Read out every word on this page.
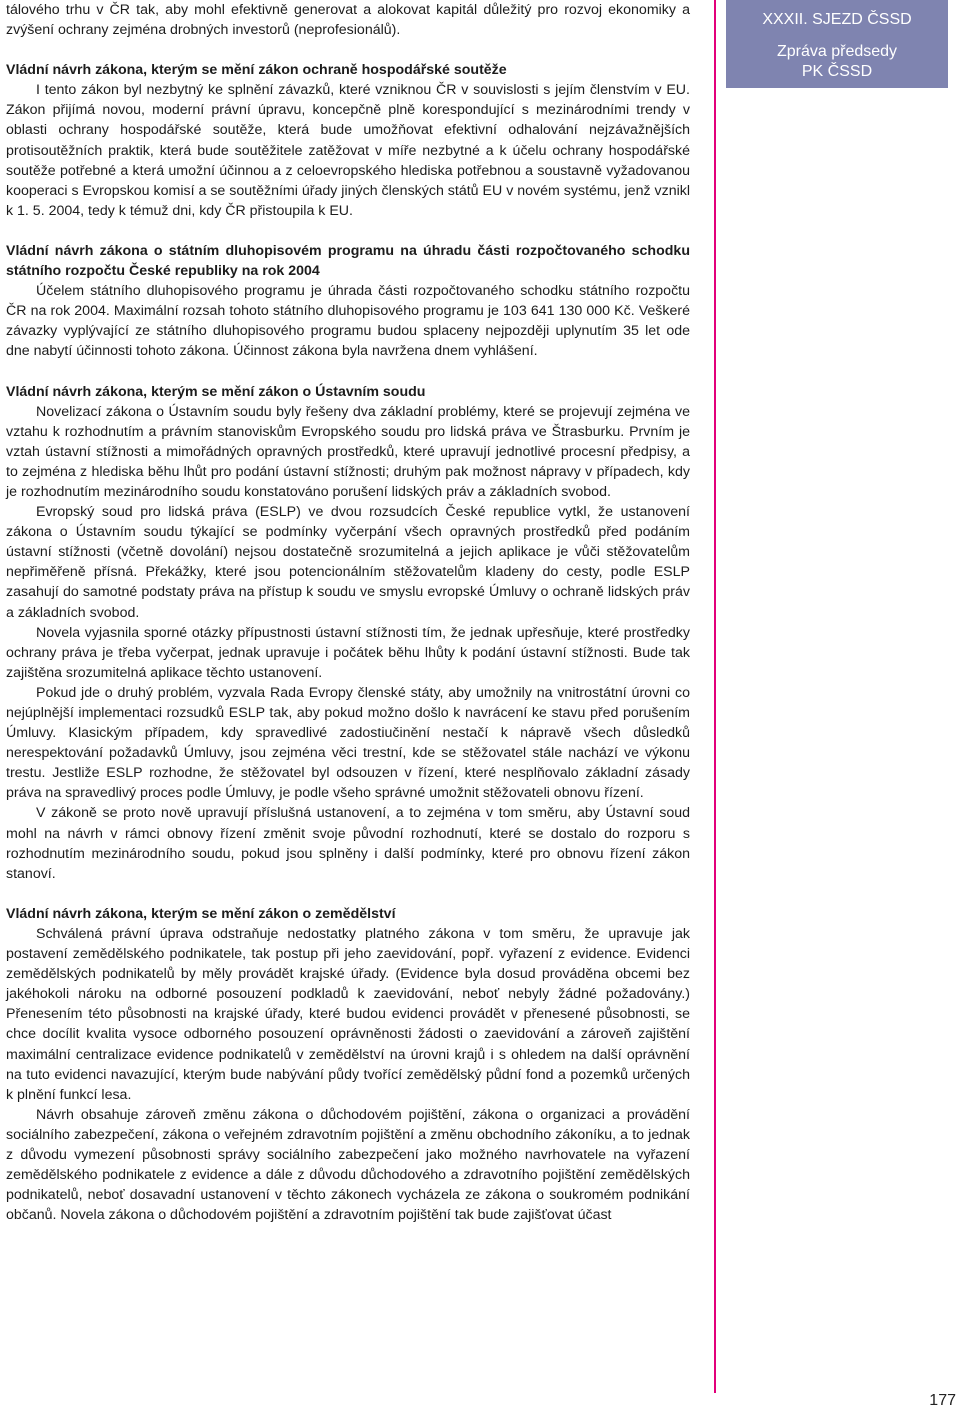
tálového trhu v ČR tak, aby mohl efektivně generovat a alokovat kapitál důležitý pro rozvoj ekonomiky a zvýšení ochrany zejména drobných investorů (neprofesionálů).

Vládní návrh zákona, kterým se mění zákon ochraně hospodářské soutěže

I tento zákon byl nezbytný ke splnění závazků, které vzniknou ČR v souvislosti s jejím členstvím v EU. Zákon přijímá novou, moderní právní úpravu, koncepčně plně korespondující s mezinárodními trendy v oblasti ochrany hospodářské soutěže, která bude umožňovat efektivní odhalování nejzávažnějších protisoutěžních praktik, která bude soutěžitele zatěžovat v míře nezbytné a k účelu ochrany hospodářské soutěže potřebné a která umožní účinnou a z celoevropského hlediska potřebnou a soustavně vyžadovanou kooperaci s Evropskou komisí a se soutěžními úřady jiných členských států EU v novém systému, jenž vznikl k 1. 5. 2004, tedy k témuž dni, kdy ČR přistoupila k EU.

Vládní návrh zákona o státním dluhopisovém programu na úhradu části rozpočtovaného schodku státního rozpočtu České republiky na rok 2004

Účelem státního dluhopisového programu je úhrada části rozpočtovaného schodku státního rozpočtu ČR na rok 2004. Maximální rozsah tohoto státního dluhopisového programu je 103 641 130 000 Kč. Veškeré závazky vyplývající ze státního dluhopisového programu budou splaceny nejpozději uplynutím 35 let ode dne nabytí účinnosti tohoto zákona. Účinnost zákona byla navržena dnem vyhlášení.

Vládní návrh zákona, kterým se mění zákon o Ústavním soudu

Novelizací zákona o Ústavním soudu byly řešeny dva základní problémy, které se projevují zejména ve vztahu k rozhodnutím a právním stanoviskům Evropského soudu pro lidská práva ve Štrasburku. Prvním je vztah ústavní stížnosti a mimořádných opravných prostředků, které upravují jednotlivé procesní předpisy, a to zejména z hlediska běhu lhůt pro podání ústavní stížnosti; druhým pak možnost nápravy v případech, kdy je rozhodnutím mezinárodního soudu konstatováno porušení lidských práv a základních svobod.

Evropský soud pro lidská práva (ESLP) ve dvou rozsudcích České republice vytkl, že ustanovení zákona o Ústavním soudu týkající se podmínky vyčerpání všech opravných prostředků před podáním ústavní stížnosti (včetně dovolání) nejsou dostatečně srozumitelná a jejich aplikace je vůči stěžovatelům nepřiměřeně přísná. Překážky, které jsou potencionálním stěžovatelům kladeny do cesty, podle ESLP zasahují do samotné podstaty práva na přístup k soudu ve smyslu evropské Úmluvy o ochraně lidských práv a základních svobod.

Novela vyjasnila sporné otázky přípustnosti ústavní stížnosti tím, že jednak upřesňuje, které prostředky ochrany práva je třeba vyčerpat, jednak upravuje i počátek běhu lhůty k podání ústavní stížnosti. Bude tak zajištěna srozumitelná aplikace těchto ustanovení.

Pokud jde o druhý problém, vyzvala Rada Evropy členské státy, aby umožnily na vnitrostátní úrovni co nejúplnější implementaci rozsudků ESLP tak, aby pokud možno došlo k navrácení ke stavu před porušením Úmluvy. Klasickým případem, kdy spravedlivé zadostiučinění nestačí k nápravě všech důsledků nerespektování požadavků Úmluvy, jsou zejména věci trestní, kde se stěžovatel stále nachází ve výkonu trestu. Jestliže ESLP rozhodne, že stěžovatel byl odsouzen v řízení, které nesplňovalo základní zásady práva na spravedlivý proces podle Úmluvy, je podle všeho správné umožnit stěžovateli obnovu řízení.

V zákoně se proto nově upravují příslušná ustanovení, a to zejména v tom směru, aby Ústavní soud mohl na návrh v rámci obnovy řízení změnit svoje původní rozhodnutí, které se dostalo do rozporu s rozhodnutím mezinárodního soudu, pokud jsou splněny i další podmínky, které pro obnovu řízení zákon stanoví.

Vládní návrh zákona, kterým se mění zákon o zemědělství

Schválená právní úprava odstraňuje nedostatky platného zákona v tom směru, že upravuje jak postavení zemědělského podnikatele, tak postup při jeho zaevidování, popř. vyřazení z evidence. Evidenci zemědělských podnikatelů by měly provádět krajské úřady. (Evidence byla dosud prováděna obcemi bez jakéhokoli nároku na odborné posouzení podkladů k zaevidování, neboť nebyly žádné požadovány.) Přenesením této působnosti na krajské úřady, které budou evidenci provádět v přenesené působnosti, se chce docílit kvalita vysoce odborného posouzení oprávněnosti žádosti o zaevidování a zároveň zajištění maximální centralizace evidence podnikatelů v zemědělství na úrovni krajů i s ohledem na další oprávnění na tuto evidenci navazující, kterým bude nabývání půdy tvořící zemědělský půdní fond a pozemků určených k plnění funkcí lesa.

Návrh obsahuje zároveň změnu zákona o důchodovém pojištění, zákona o organizaci a provádění sociálního zabezpečení, zákona o veřejném zdravotním pojištění a změnu obchodního zákoníku, a to jednak z důvodu vymezení působnosti správy sociálního zabezpečení jako možného navrhovatele na vyřazení zemědělského podnikatele z evidence a dále z důvodu důchodového a zdravotního pojištění zemědělských podnikatelů, neboť dosavadní ustanovení v těchto zákonech vycházela ze zákona o soukromém podnikání občanů. Novela zákona o důchodovém pojištění a zdravotním pojištění tak bude zajišťovat účast

XXXII. SJEZD ČSSD
Zpráva předsedy
PK ČSSD
177
